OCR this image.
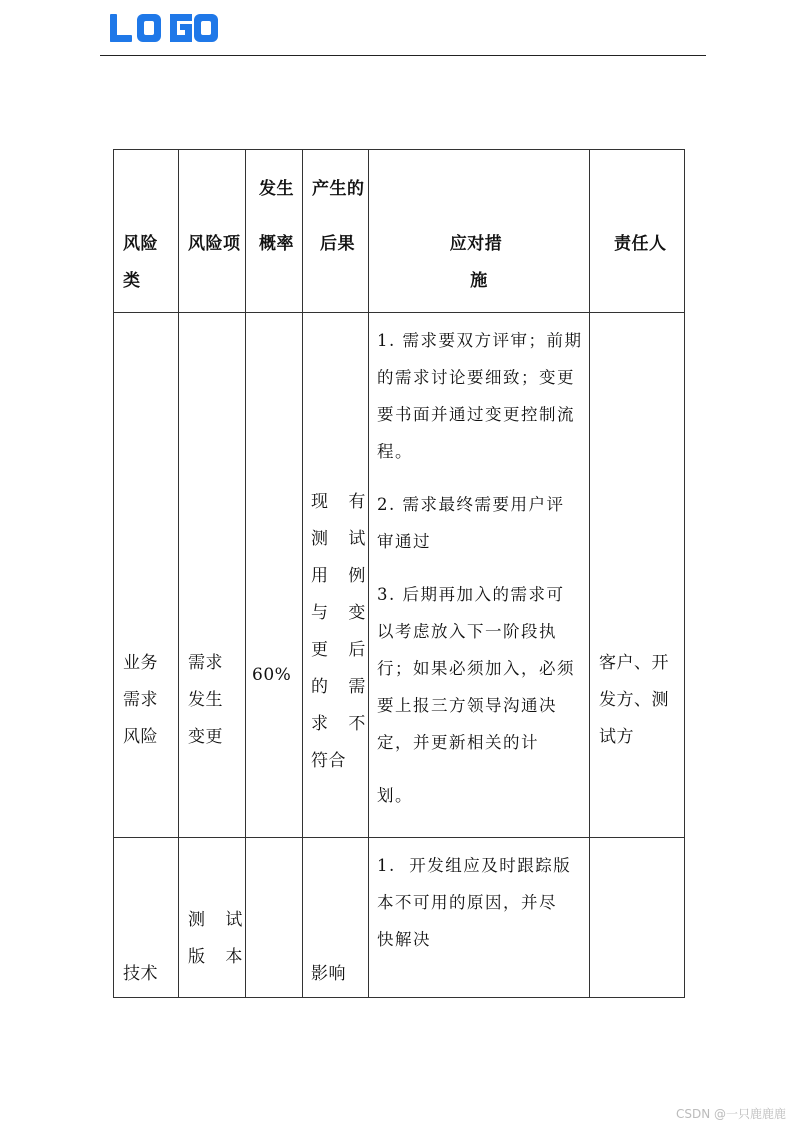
风险
类
风险项
发生
概率
产生的
后果	应对措
施
责任人
业务
需求
风险
需求
发生
变更
60%
现 有
测 试
用 例
与 变
更 后
的 需
求 不
符合
1. 需求要双方评审；前期
的需求讨论要细致；变更
要书面并通过变更控制流
程。
2. 需求最终需要用户评
审通过
3. 后期再加入的需求可
以考虑放入下一阶段执
行；如果必须加入，必须
要上报三方领导沟通决
定，并更新相关的计
划。
客户、开
发方、测
试方
技术
测 试
版 本
影响
1.  开发组应及时跟踪版
本不可用的原因，并尽
快解决
CSDN @一只鹿鹿鹿
